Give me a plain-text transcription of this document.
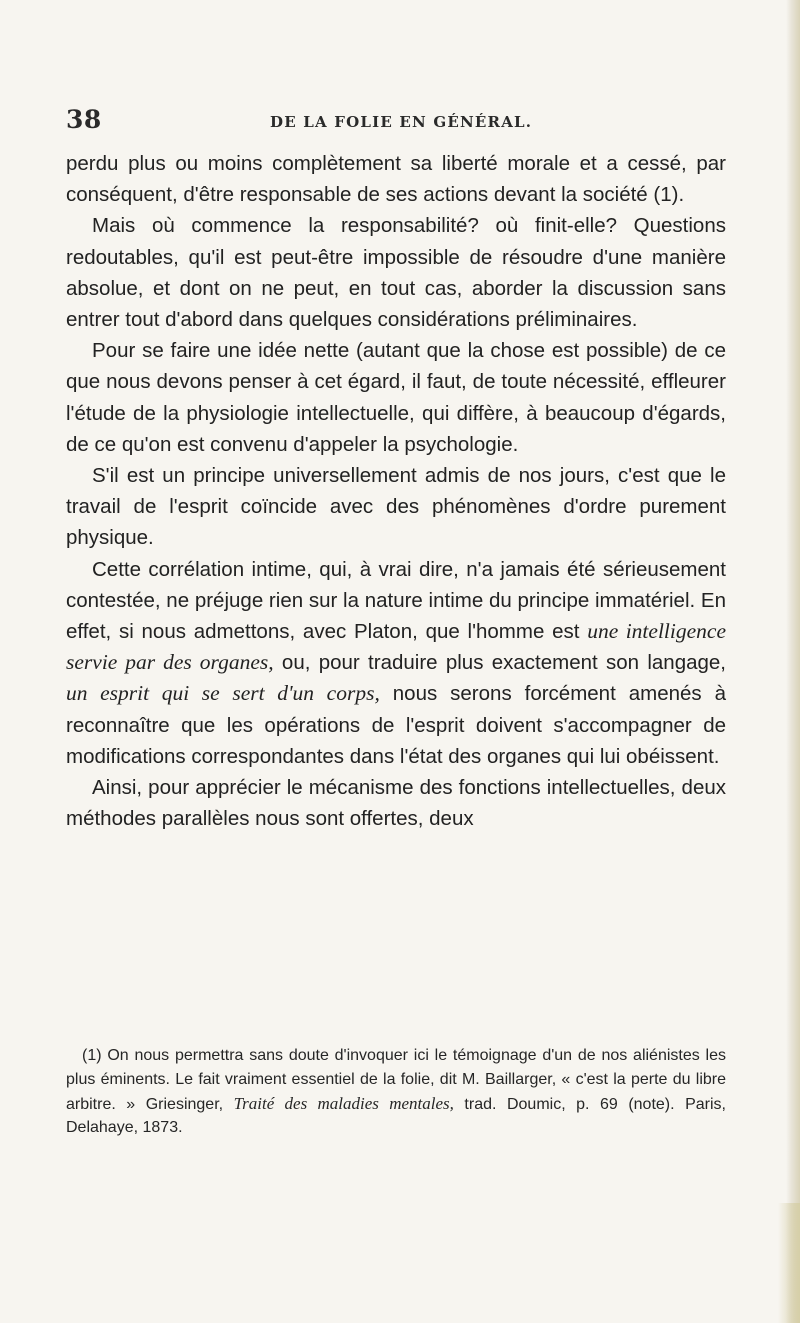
38	DE LA FOLIE EN GÉNÉRAL.

perdu plus ou moins complètement sa liberté morale et a cessé, par conséquent, d'être responsable de ses actions devant la société (1).

Mais où commence la responsabilité? où finit-elle? Questions redoutables, qu'il est peut-être impossible de résoudre d'une manière absolue, et dont on ne peut, en tout cas, aborder la discussion sans entrer tout d'abord dans quelques considérations préliminaires.

Pour se faire une idée nette (autant que la chose est possible) de ce que nous devons penser à cet égard, il faut, de toute nécessité, effleurer l'étude de la physiologie intellectuelle, qui diffère, à beaucoup d'égards, de ce qu'on est convenu d'appeler la psychologie.

S'il est un principe universellement admis de nos jours, c'est que le travail de l'esprit coïncide avec des phénomènes d'ordre purement physique.

Cette corrélation intime, qui, à vrai dire, n'a jamais été sérieusement contestée, ne préjuge rien sur la nature intime du principe immatériel. En effet, si nous admettons, avec Platon, que l'homme est une intelligence servie par des organes, ou, pour traduire plus exactement son langage, un esprit qui se sert d'un corps, nous serons forcément amenés à reconnaître que les opérations de l'esprit doivent s'accompagner de modifications correspondantes dans l'état des organes qui lui obéissent.

Ainsi, pour apprécier le mécanisme des fonctions intellectuelles, deux méthodes parallèles nous sont offertes, deux

(1) On nous permettra sans doute d'invoquer ici le témoignage d'un de nos aliénistes les plus éminents. Le fait vraiment essentiel de la folie, dit M. Baillarger, « c'est la perte du libre arbitre. » Griesinger, Traité des maladies mentales, trad. Doumic, p. 69 (note). Paris, Delahaye, 1873.
